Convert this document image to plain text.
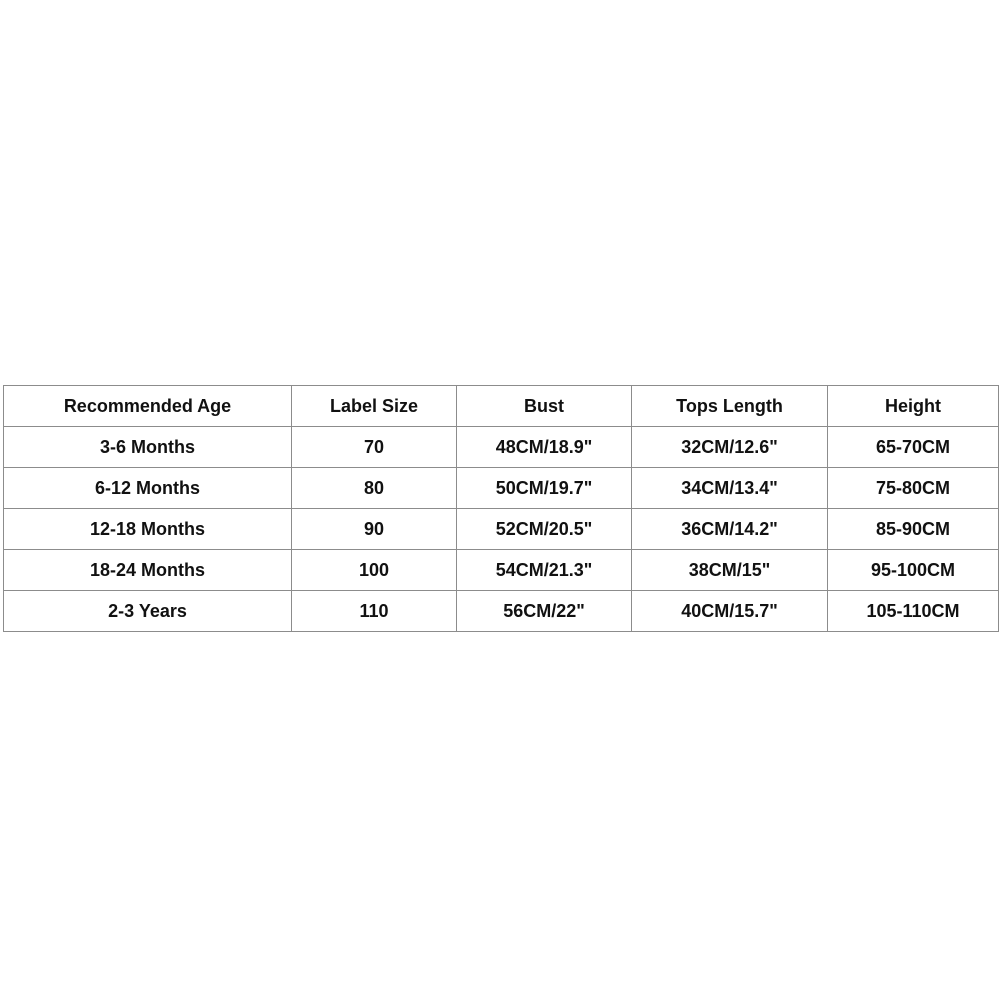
Recommended Age	Label Size	Bust	Tops Length	Height
3-6 Months	70	48CM/18.9"	32CM/12.6"	65-70CM
6-12 Months	80	50CM/19.7"	34CM/13.4"	75-80CM
12-18 Months	90	52CM/20.5"	36CM/14.2"	85-90CM
18-24 Months	100	54CM/21.3"	38CM/15"	95-100CM
2-3 Years	110	56CM/22"	40CM/15.7"	105-110CM
